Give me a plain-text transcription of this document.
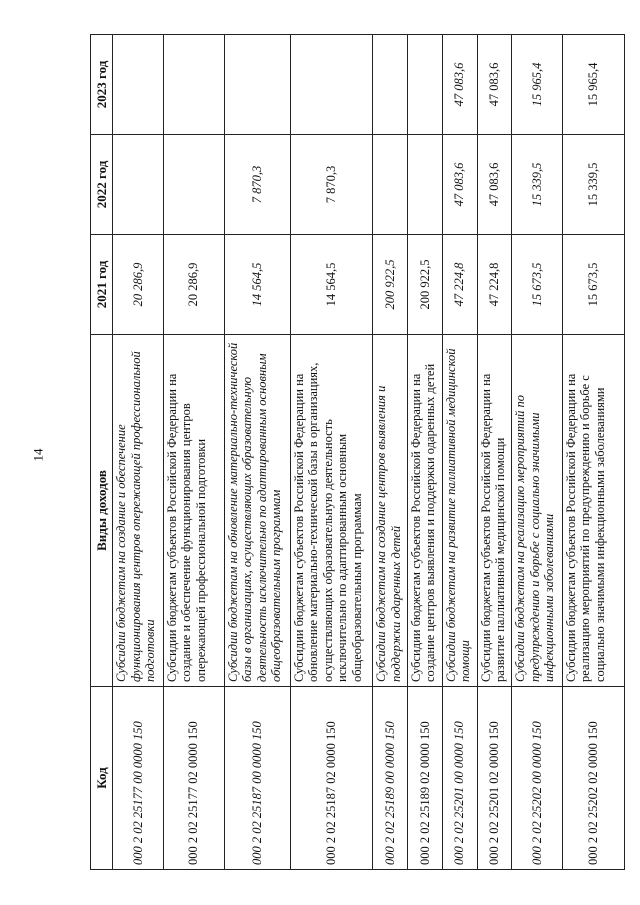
14
Код	Виды доходов	2021 год	2022 год	2023 год
000 2 02 25177 00 0000 150	Субсидии бюджетам на создание и обеспечение функционирования центров опережающей профессиональной подготовки	20 286,9		
000 2 02 25177 02 0000 150	Субсидии бюджетам субъектов Российской Федерации на создание и обеспечение функционирования центров опережающей профессиональной подготовки	20 286,9		
000 2 02 25187 00 0000 150	Субсидии бюджетам на обновление материально-технической базы в организациях, осуществляющих образовательную деятельность исключительно по адаптированным основным общеобразовательным программам	14 564,5	7 870,3	
000 2 02 25187 02 0000 150	Субсидии бюджетам субъектов Российской Федерации на обновление материально-технической базы в организациях, осуществляющих образовательную деятельность исключительно по адаптированным основным общеобразовательным программам	14 564,5	7 870,3	
000 2 02 25189 00 0000 150	Субсидии бюджетам на создание центров выявления и поддержки одаренных детей	200 922,5		
000 2 02 25189 02 0000 150	Субсидии бюджетам субъектов Российской Федерации на создание центров выявления и поддержки одаренных детей	200 922,5		
000 2 02 25201 00 0000 150	Субсидии бюджетам на развитие паллиативной медицинской помощи	47 224,8	47 083,6	47 083,6
000 2 02 25201 02 0000 150	Субсидии бюджетам субъектов Российской Федерации на развитие паллиативной медицинской помощи	47 224,8	47 083,6	47 083,6
000 2 02 25202 00 0000 150	Субсидии бюджетам на реализацию мероприятий по предупреждению и борьбе с социально значимыми инфекционными заболеваниями	15 673,5	15 339,5	15 965,4
000 2 02 25202 02 0000 150	Субсидии бюджетам субъектов Российской Федерации на реализацию мероприятий по предупреждению и борьбе с социально значимыми инфекционными заболеваниями	15 673,5	15 339,5	15 965,4
